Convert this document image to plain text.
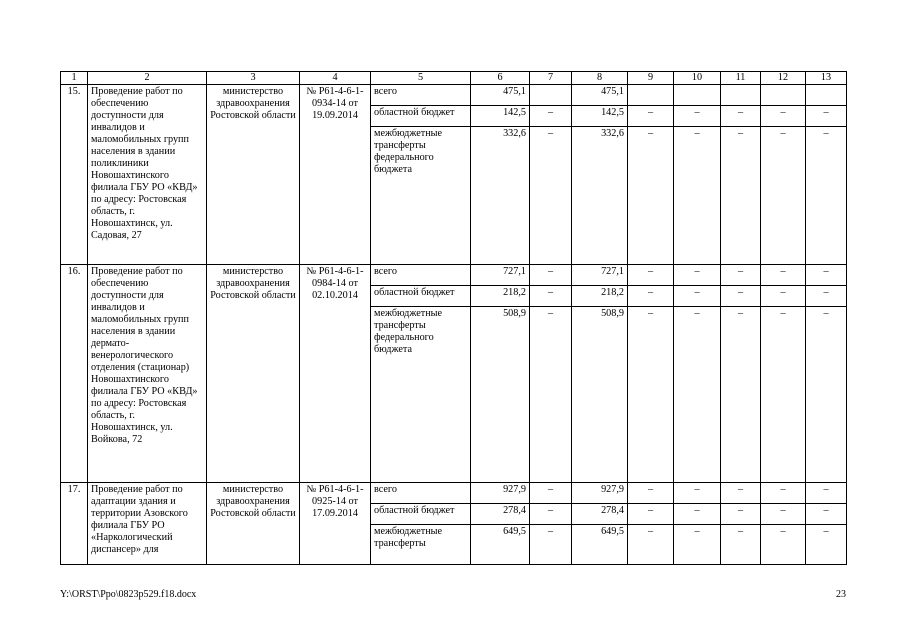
1	2	3	4	5	6	7	8	9	10	11	12	13
15.	Проведение работ по обеспечению доступности для инвалидов и маломобильных групп населения в здании поликлиники Новошахтинского филиала ГБУ РО «КВД» по адресу: Ростовская область, г. Новошахтинск, ул. Садовая, 27	министерство здравоохранения Ростовской области	№ Р61-4-6-1-0934-14 от 19.09.2014	всего	475,1		475,1					
				областной бюджет	142,5	–	142,5	–	–	–	–	–
				межбюджетные трансферты федерального бюджета	332,6	–	332,6	–	–	–	–	–
16.	Проведение работ по обеспечению доступности для инвалидов и маломобильных групп населения в здании дермато-венерологического отделения (стационар) Новошахтинского филиала ГБУ РО «КВД» по адресу: Ростовская область, г. Новошахтинск, ул. Войкова, 72	министерство здравоохранения Ростовской области	№ Р61-4-6-1-0984-14 от 02.10.2014	всего	727,1	–	727,1	–	–	–	–	–
				областной бюджет	218,2	–	218,2	–	–	–	–	–
				межбюджетные трансферты федерального бюджета	508,9	–	508,9	–	–	–	–	–
17.	Проведение работ по адаптации здания и территории Азовского филиала ГБУ РО «Наркологический диспансер» для	министерство здравоохранения Ростовской области	№ Р61-4-6-1-0925-14 от 17.09.2014	всего	927,9	–	927,9	–	–	–	–	–
				областной бюджет	278,4	–	278,4	–	–	–	–	–
				межбюджетные трансферты	649,5	–	649,5	–	–	–	–	–
Y:\ORST\Ppo\0823p529.f18.docx	23
